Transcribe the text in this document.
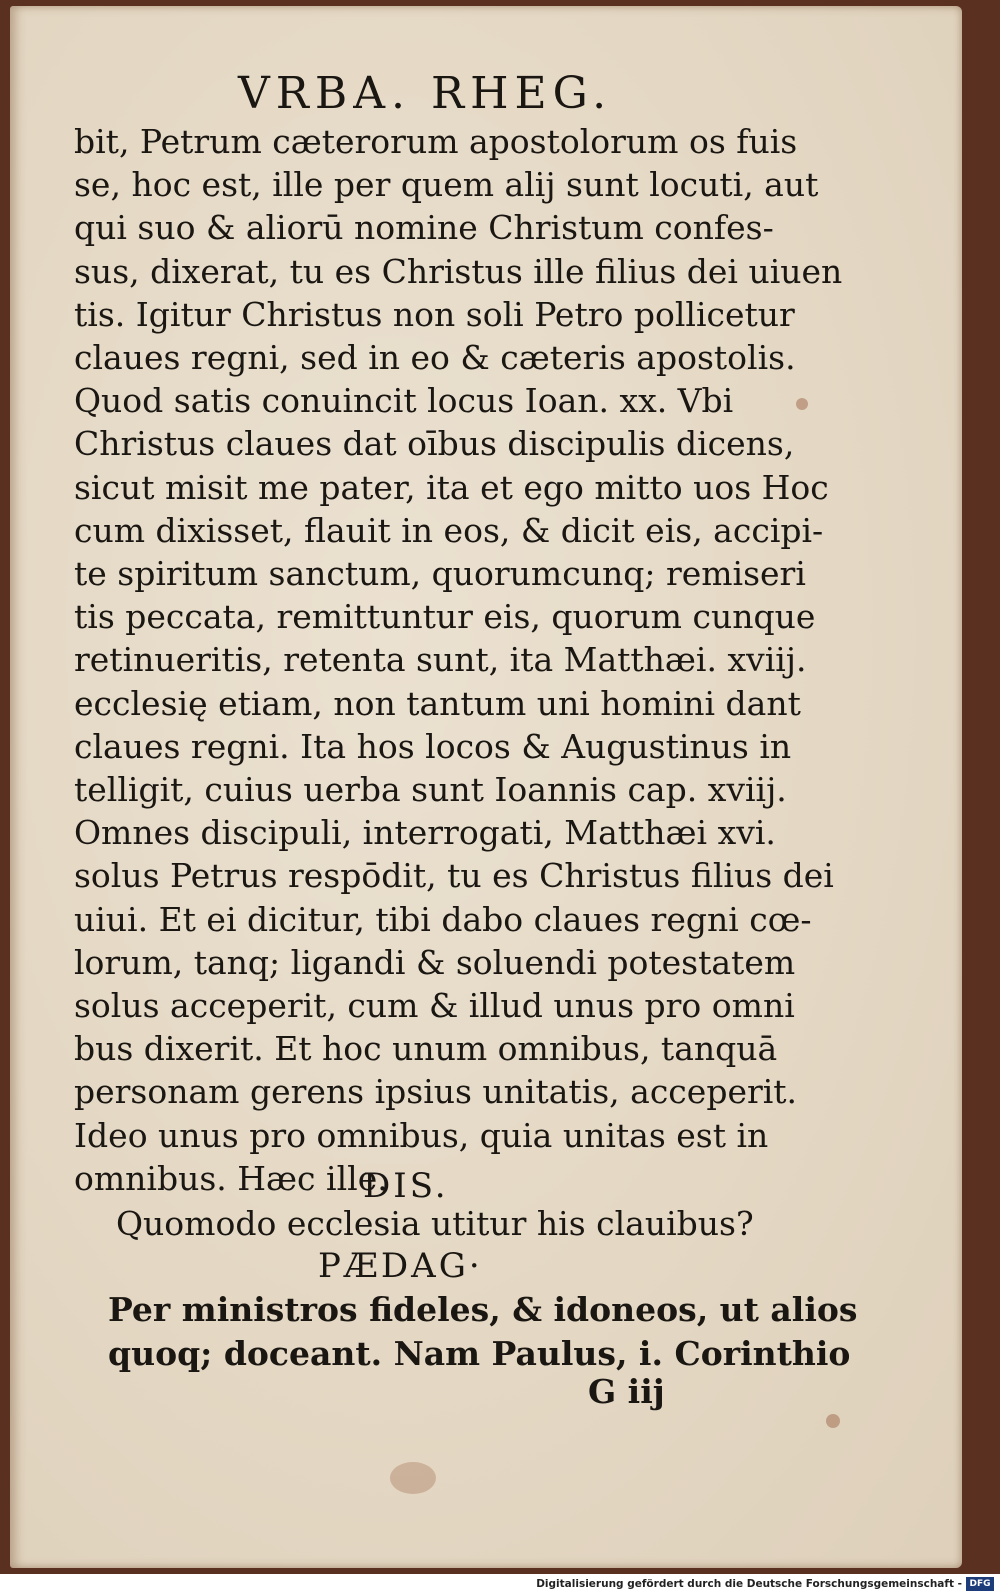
VRBA. RHEG.
bit, Petrum cæterorum apostolorum os fuis
se, hoc est, ille per quem alij sunt locuti, aut
qui suo & aliorū nomine Christum confes-
sus, dixerat, tu es Christus ille filius dei uiuen
tis. Igitur Christus non soli Petro pollicetur
claues regni, sed in eo & cæteris apostolis.
Quod satis conuincit locus Ioan. xx. Vbi
Christus claues dat oībus discipulis dicens,
sicut misit me pater, ita et ego mitto uos Hoc
cum dixisset, flauit in eos, & dicit eis, accipi-
te spiritum sanctum, quorumcunq; remiseri
tis peccata, remittuntur eis, quorum cunque
retinueritis, retenta sunt, ita Matthæi. xviij.
ecclesię etiam, non tantum uni homini dant
claues regni. Ita hos locos & Augustinus in
telligit, cuius uerba sunt Ioannis cap. xviij.
Omnes discipuli, interrogati, Matthæi xvi.
solus Petrus respōdit, tu es Christus filius dei
uiui. Et ei dicitur, tibi dabo claues regni cœ-
lorum, tanq; ligandi & soluendi potestatem
solus acceperit, cum & illud unus pro omni
bus dixerit. Et hoc unum omnibus, tanquā
personam gerens ipsius unitatis, acceperit.
Ideo unus pro omnibus, quia unitas est in
omnibus. Hæc ille.
DIS.
Quomodo ecclesia utitur his clauibus?
PÆDAG·
Per ministros fideles, & idoneos, ut alios
quoq; doceant. Nam Paulus, i. Corinthio
G iij
Digitalisierung gefördert durch die Deutsche Forschungsgemeinschaft - DFG
